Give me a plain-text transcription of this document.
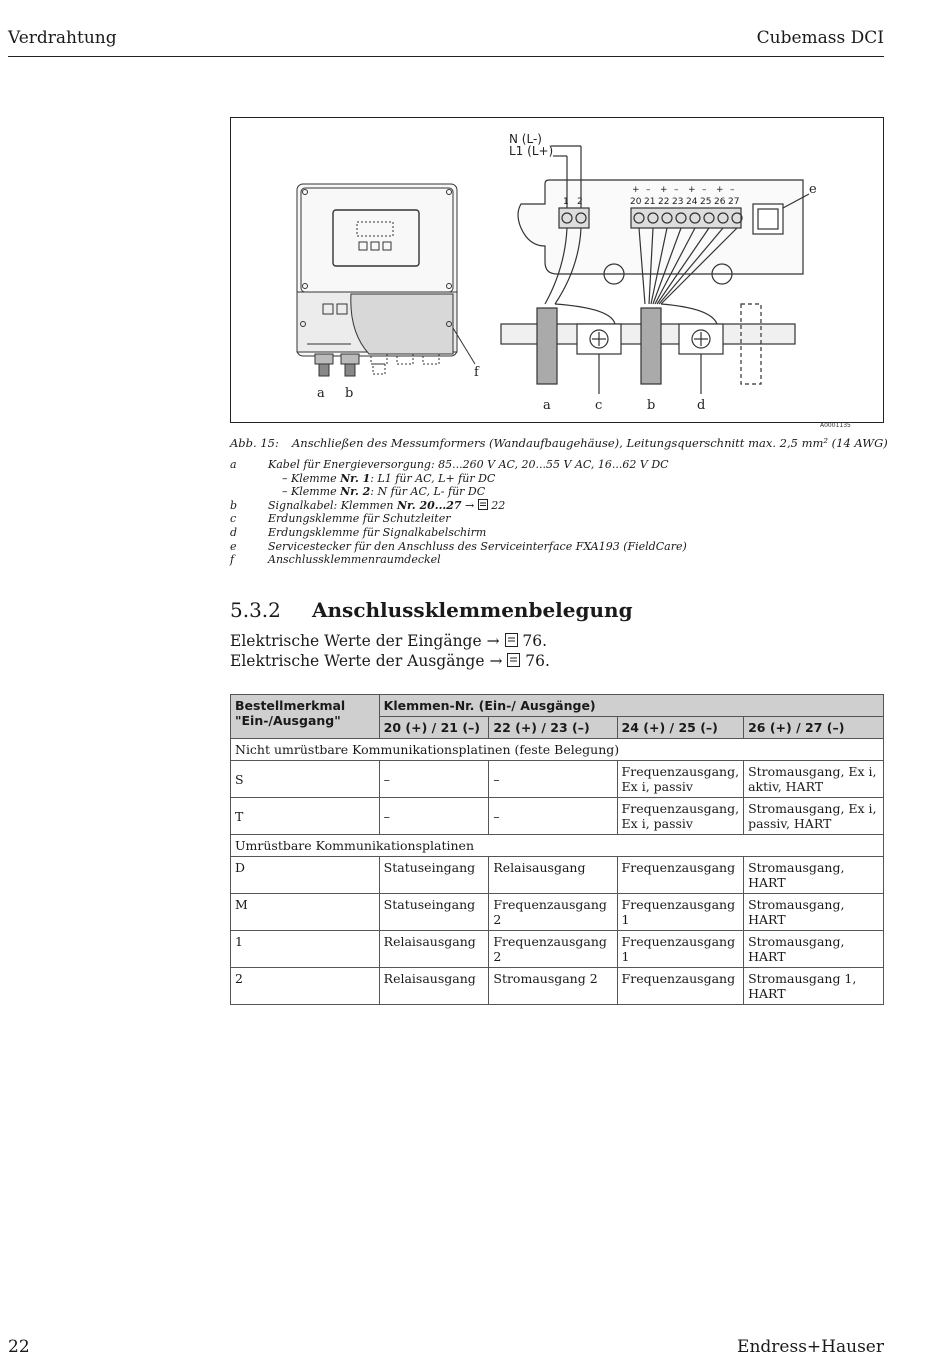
Verdrahtung	Cubemass DCI
N (L-)
L1 (L+)
+ – + – + – + –
1 2	20 21 22 23 24 25 26 27
a b
f
e
a	c	b	d
A0001135
Abb. 15: Anschließen des Messumformers (Wandaufbaugehäuse), Leitungsquerschnitt max. 2,5 mm² (14 AWG)
a	Kabel für Energieversorgung: 85...260 V AC, 20...55 V AC, 16...62 V DC
– Klemme Nr. 1: L1 für AC, L+ für DC
– Klemme Nr. 2: N für AC, L- für DC
b	Signalkabel: Klemmen Nr. 20...27 →  22
c	Erdungsklemme für Schutzleiter
d	Erdungsklemme für Signalkabelschirm
e	Servicestecker für den Anschluss des Serviceinterface FXA193 (FieldCare)
f	Anschlussklemmenraumdeckel
5.3.2 Anschlussklemmenbelegung
Elektrische Werte der Eingänge →  76.
Elektrische Werte der Ausgänge →  76.
Bestellmerkmal "Ein-/Ausgang"	Klemmen-Nr. (Ein-/ Ausgänge)			
	20 (+) / 21 (–)	22 (+) / 23 (–)	24 (+) / 25 (–)	26 (+) / 27 (–)
Nicht umrüstbare Kommunikationsplatinen (feste Belegung)				
S	–	–	Frequenzausgang, Ex i, passiv	Stromausgang, Ex i, aktiv, HART
T	–	–	Frequenzausgang, Ex i, passiv	Stromausgang, Ex i, passiv, HART
Umrüstbare Kommunikationsplatinen				
D	Statuseingang	Relaisausgang	Frequenzausgang	Stromausgang, HART
M	Statuseingang	Frequenzausgang 2	Frequenzausgang 1	Stromausgang, HART
1	Relaisausgang	Frequenzausgang 2	Frequenzausgang 1	Stromausgang, HART
2	Relaisausgang	Stromausgang 2	Frequenzausgang	Stromausgang 1, HART
22	Endress+Hauser
